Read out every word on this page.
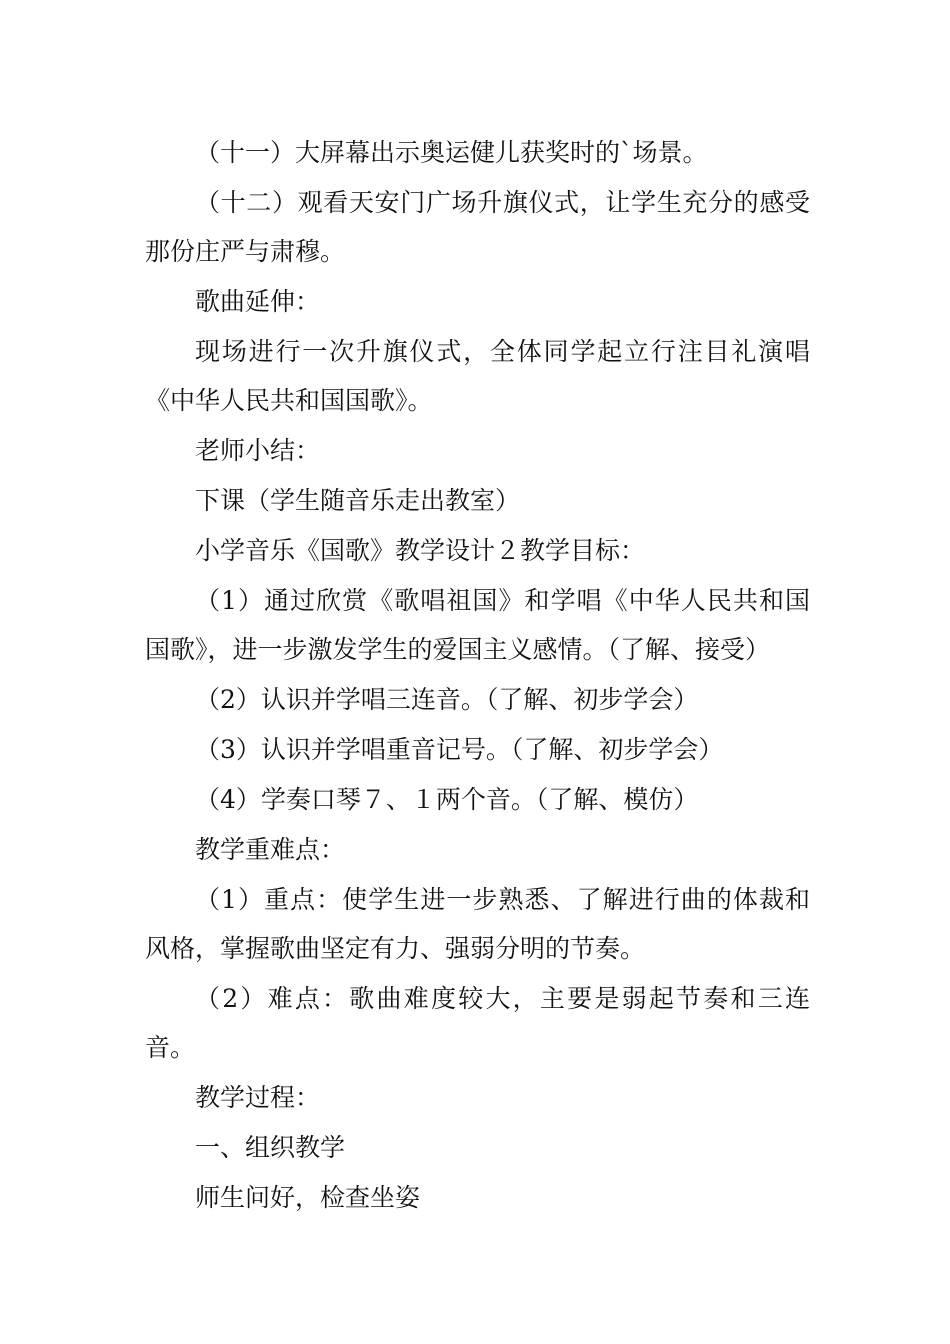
（十一）大屏幕出示奥运健儿获奖时的`场景。

（十二）观看天安门广场升旗仪式，让学生充分的感受那份庄严与肃穆。

歌曲延伸：

现场进行一次升旗仪式，全体同学起立行注目礼演唱《中华人民共和国国歌》。

老师小结：

下课（学生随音乐走出教室）

小学音乐《国歌》教学设计２教学目标：

（1）通过欣赏《歌唱祖国》和学唱《中华人民共和国国歌》，进一步激发学生的爱国主义感情。（了解、接受）

（2）认识并学唱三连音。（了解、初步学会）

（3）认识并学唱重音记号。（了解、初步学会）

（4）学奏口琴７、１两个音。（了解、模仿）

教学重难点：

（1）重点：使学生进一步熟悉、了解进行曲的体裁和风格，掌握歌曲坚定有力、强弱分明的节奏。

（2）难点：歌曲难度较大，主要是弱起节奏和三连音。

教学过程：

一、组织教学

师生问好，检查坐姿
